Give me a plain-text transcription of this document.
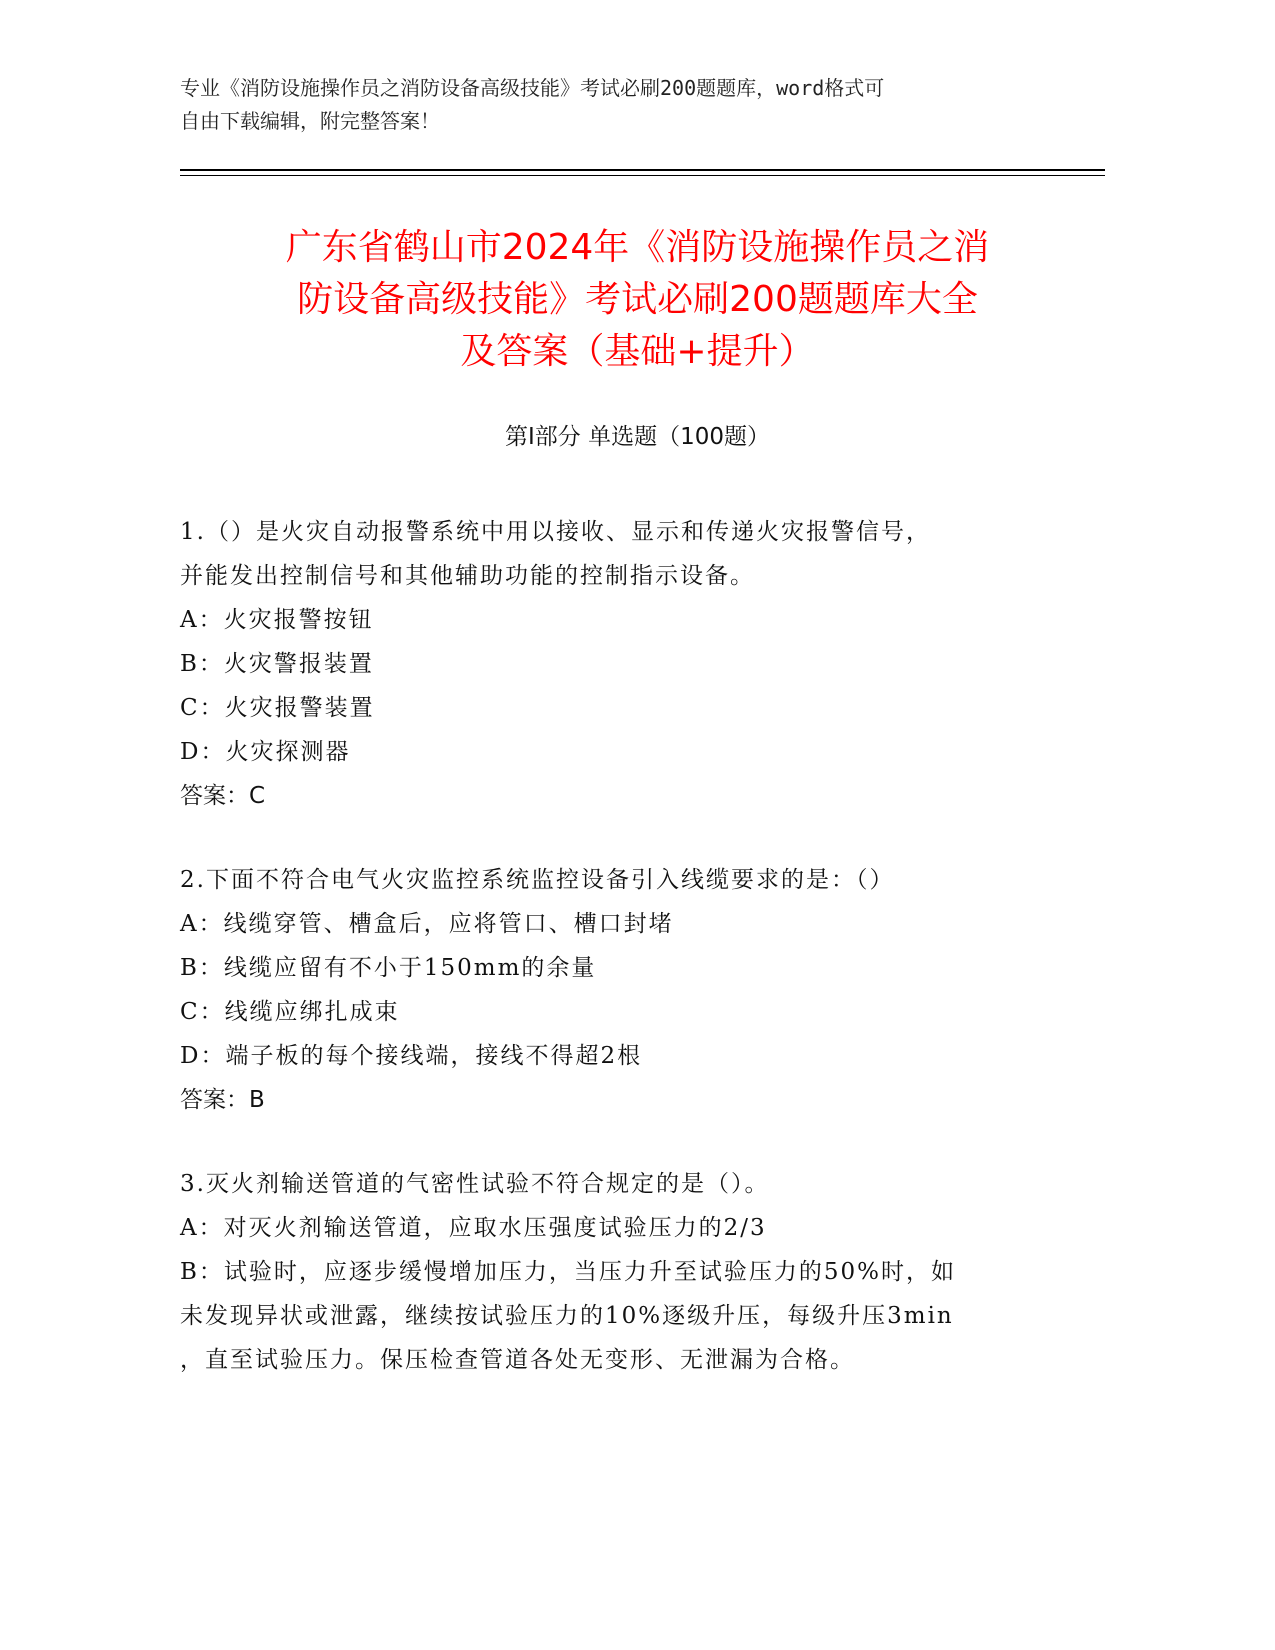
专业《消防设施操作员之消防设备高级技能》考试必刷200题题库，word格式可
自由下载编辑，附完整答案！
广东省鹤山市2024年《消防设施操作员之消
防设备高级技能》考试必刷200题题库大全
及答案（基础+提升）
第Ⅰ部分 单选题（100题）
1.（）是火灾自动报警系统中用以接收、显示和传递火灾报警信号，
并能发出控制信号和其他辅助功能的控制指示设备。
A：火灾报警按钮
B：火灾警报装置
C：火灾报警装置
D：火灾探测器
答案：C
2.下面不符合电气火灾监控系统监控设备引入线缆要求的是：（）
A：线缆穿管、槽盒后，应将管口、槽口封堵
B：线缆应留有不小于150mm的余量
C：线缆应绑扎成束
D：端子板的每个接线端，接线不得超2根
答案：B
3.灭火剂输送管道的气密性试验不符合规定的是（）。
A：对灭火剂输送管道，应取水压强度试验压力的2/3
B：试验时，应逐步缓慢增加压力，当压力升至试验压力的50%时，如
未发现异状或泄露，继续按试验压力的10%逐级升压，每级升压3min
，直至试验压力。保压检查管道各处无变形、无泄漏为合格。
